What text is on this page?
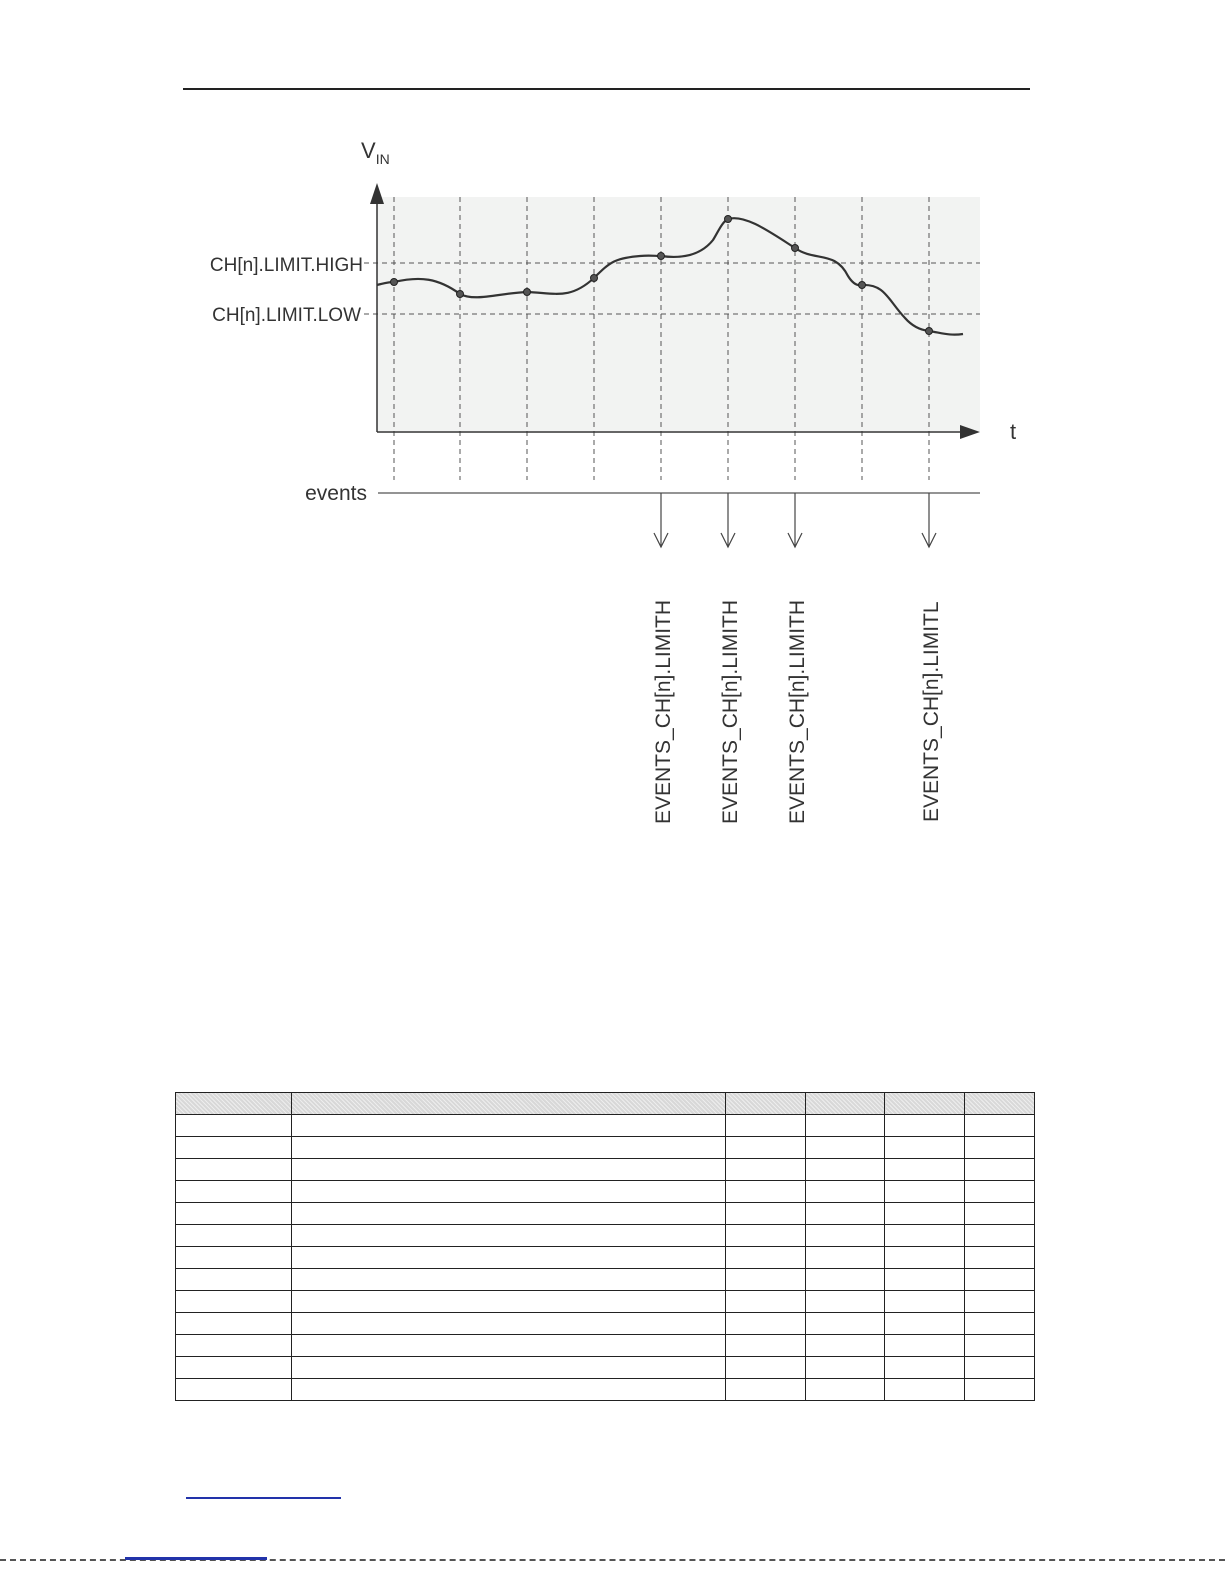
$V_{IN}$
t
CH[n].LIMIT.HIGH
CH[n].LIMIT.LOW
events
EVENTS_CH[n].LIMITH EVENTS_CH[n].LIMITH EVENTS_CH[n].LIMITH	EVENTS_CH[n].LIMITL
